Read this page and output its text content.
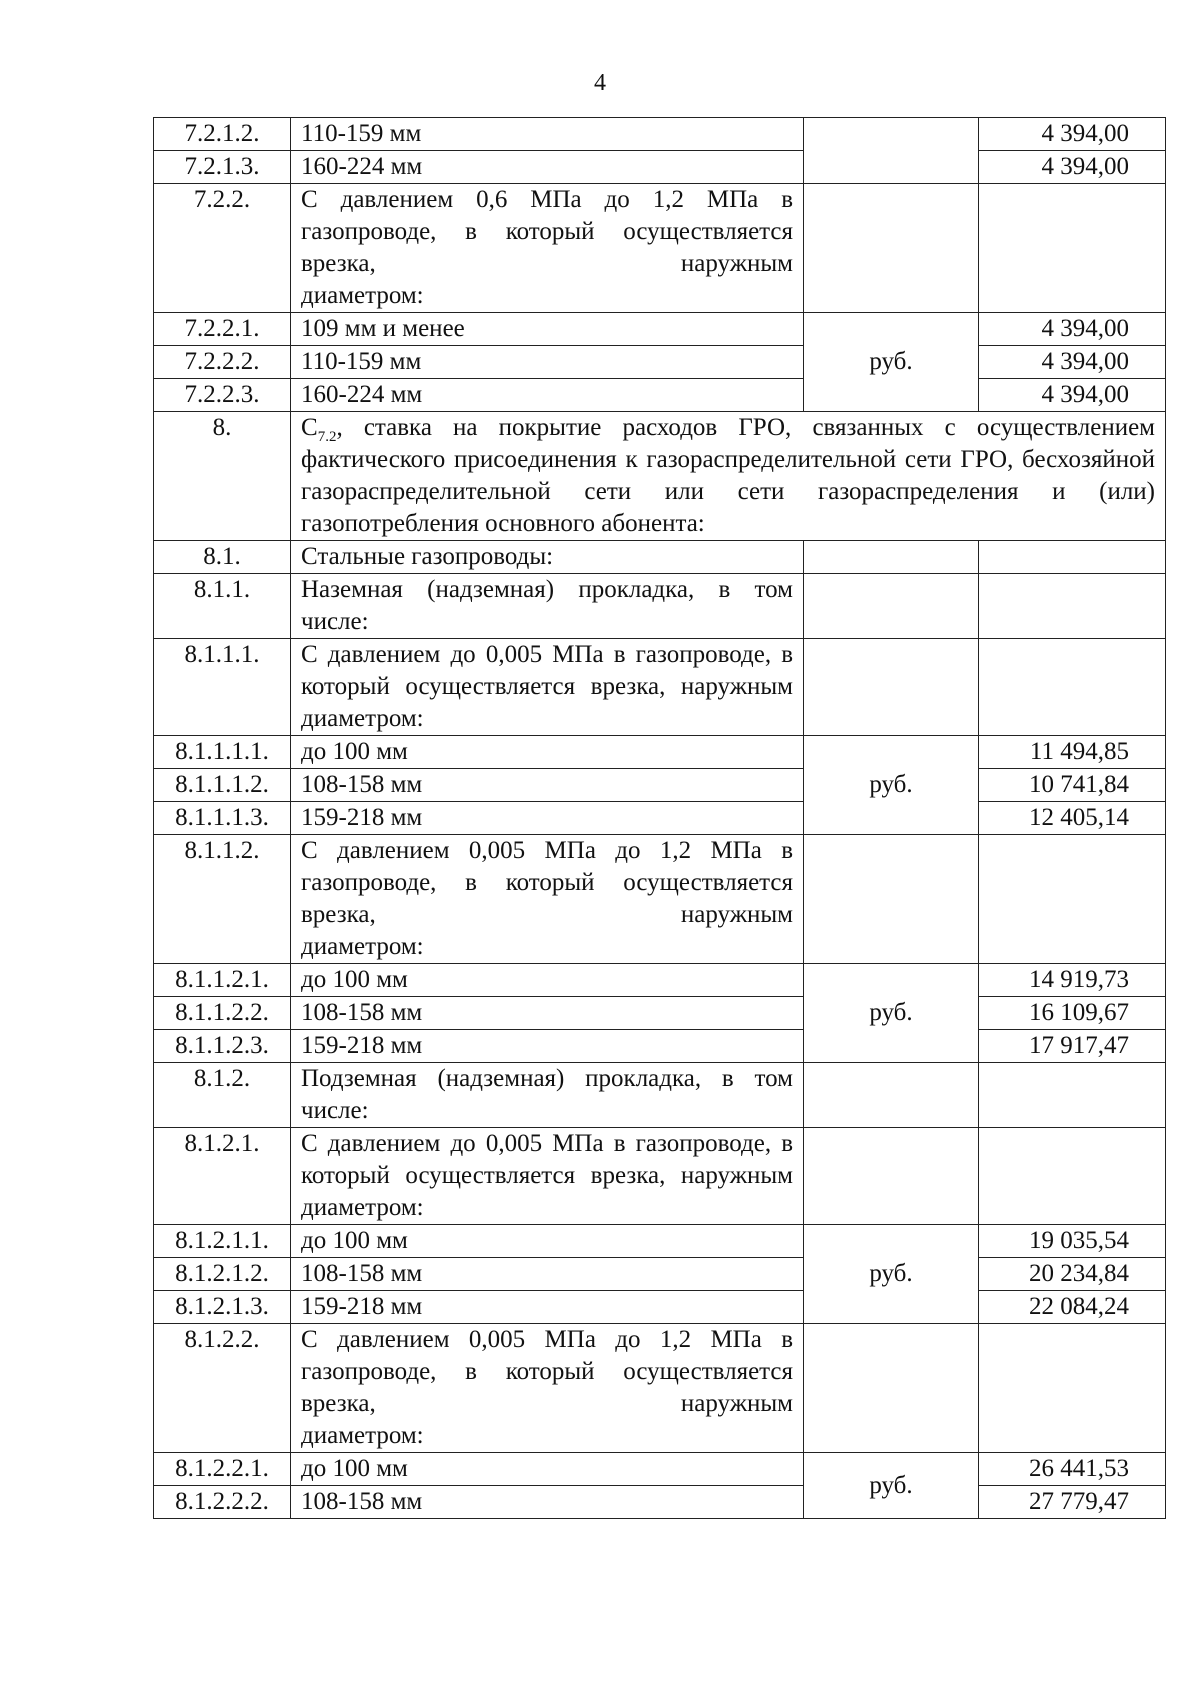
4
7.2.1.2.	110-159 мм		4 394,00
7.2.1.3.	160-224 мм		4 394,00
7.2.2.	С давлением 0,6 МПа до 1,2 МПа в газопроводе, в который осуществляется врезка, наружным
диаметром:		

7.2.2.1.	109 мм и менее	руб.	4 394,00
7.2.2.2.	110-159 мм		4 394,00
7.2.2.3.	160-224 мм		4 394,00
8.	$С_{7.2}$, ставка на покрытие расходов ГРО, связанных с осуществлением фактического присоединения к газораспределительной сети ГРО, бесхозяйной газораспределительной сети или сети газораспределения и (или) газопотребления основного абонента:		
8.1.	Стальные газопроводы:		
8.1.1.	Наземная (надземная) прокладка, в том числе:		
8.1.1.1.	С давлением до 0,005 МПа в газопроводе, в который осуществляется врезка, наружным
диаметром:		

8.1.1.1.1.	до 100 мм	руб.	11 494,85
8.1.1.1.2.	108-158 мм		10 741,84
8.1.1.1.3.	159-218 мм		12 405,14
8.1.1.2.	С давлением 0,005 МПа до 1,2 МПа в газопроводе, в который осуществляется врезка, наружным
диаметром:		

8.1.1.2.1.	до 100 мм	руб.	14 919,73
8.1.1.2.2.	108-158 мм		16 109,67
8.1.1.2.3.	159-218 мм		17 917,47
8.1.2.	Подземная (надземная) прокладка, в том числе:		
8.1.2.1.	С давлением до 0,005 МПа в газопроводе, в который осуществляется врезка, наружным
диаметром:		

8.1.2.1.1.	до 100 мм	руб.	19 035,54
8.1.2.1.2.	108-158 мм		20 234,84
8.1.2.1.3.	159-218 мм		22 084,24
8.1.2.2.	С давлением 0,005 МПа до 1,2 МПа в газопроводе, в который осуществляется врезка, наружным
диаметром:		

8.1.2.2.1.	до 100 мм	руб.	26 441,53
8.1.2.2.2.	108-158 мм		27 779,47
